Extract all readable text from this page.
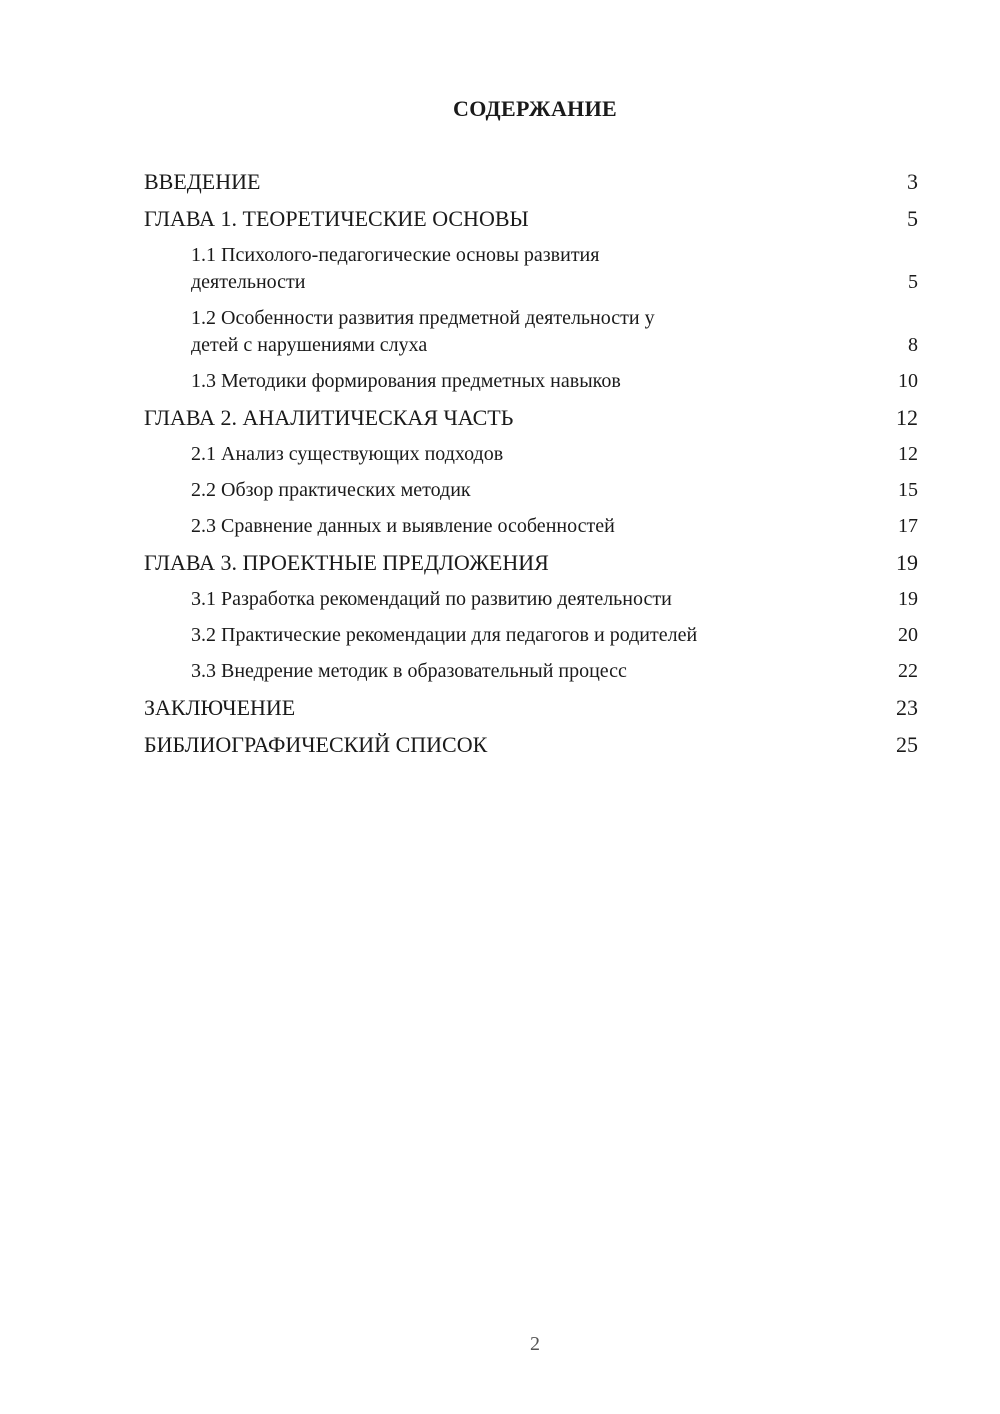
СОДЕРЖАНИЕ
ВВЕДЕНИЕ	3
ГЛАВА 1. ТЕОРЕТИЧЕСКИЕ ОСНОВЫ	5
1.1 Психолого-педагогические основы развития
деятельности	5
1.2 Особенности развития предметной деятельности у
детей с нарушениями слуха	8
1.3 Методики формирования предметных навыков	10
ГЛАВА 2. АНАЛИТИЧЕСКАЯ ЧАСТЬ	12
2.1 Анализ существующих подходов	12
2.2 Обзор практических методик	15
2.3 Сравнение данных и выявление особенностей	17
ГЛАВА 3. ПРОЕКТНЫЕ ПРЕДЛОЖЕНИЯ	19
3.1 Разработка рекомендаций по развитию деятельности	19
3.2 Практические рекомендации для педагогов и родителей	20
3.3 Внедрение методик в образовательный процесс	22
ЗАКЛЮЧЕНИЕ	23
БИБЛИОГРАФИЧЕСКИЙ СПИСОК	25
2
